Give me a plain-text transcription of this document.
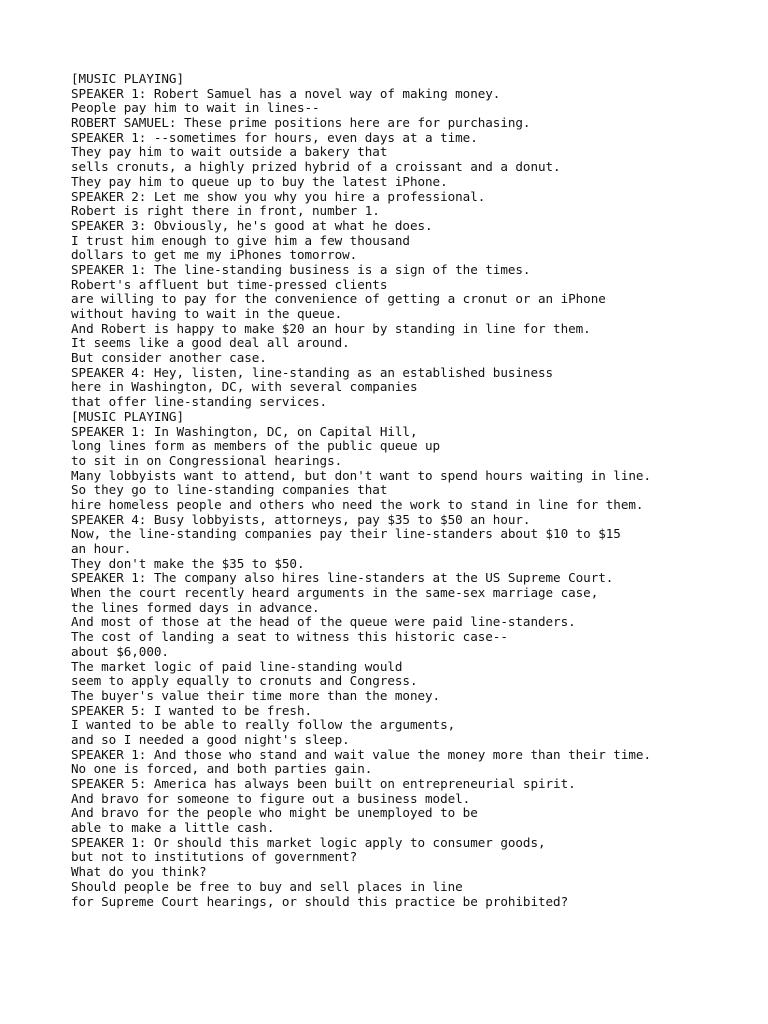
[MUSIC PLAYING]
SPEAKER 1: Robert Samuel has a novel way of making money.
People pay him to wait in lines--
ROBERT SAMUEL: These prime positions here are for purchasing.
SPEAKER 1: --sometimes for hours, even days at a time.
They pay him to wait outside a bakery that
sells cronuts, a highly prized hybrid of a croissant and a donut.
They pay him to queue up to buy the latest iPhone.
SPEAKER 2: Let me show you why you hire a professional.
Robert is right there in front, number 1.
SPEAKER 3: Obviously, he's good at what he does.
I trust him enough to give him a few thousand
dollars to get me my iPhones tomorrow.
SPEAKER 1: The line-standing business is a sign of the times.
Robert's affluent but time-pressed clients
are willing to pay for the convenience of getting a cronut or an iPhone
without having to wait in the queue.
And Robert is happy to make $20 an hour by standing in line for them.
It seems like a good deal all around.
But consider another case.
SPEAKER 4: Hey, listen, line-standing as an established business
here in Washington, DC, with several companies
that offer line-standing services.
[MUSIC PLAYING]
SPEAKER 1: In Washington, DC, on Capital Hill,
long lines form as members of the public queue up
to sit in on Congressional hearings.
Many lobbyists want to attend, but don't want to spend hours waiting in line.
So they go to line-standing companies that
hire homeless people and others who need the work to stand in line for them.
SPEAKER 4: Busy lobbyists, attorneys, pay $35 to $50 an hour.
Now, the line-standing companies pay their line-standers about $10 to $15
an hour.
They don't make the $35 to $50.
SPEAKER 1: The company also hires line-standers at the US Supreme Court.
When the court recently heard arguments in the same-sex marriage case,
the lines formed days in advance.
And most of those at the head of the queue were paid line-standers.
The cost of landing a seat to witness this historic case--
about $6,000.
The market logic of paid line-standing would
seem to apply equally to cronuts and Congress.
The buyer's value their time more than the money.
SPEAKER 5: I wanted to be fresh.
I wanted to be able to really follow the arguments,
and so I needed a good night's sleep.
SPEAKER 1: And those who stand and wait value the money more than their time.
No one is forced, and both parties gain.
SPEAKER 5: America has always been built on entrepreneurial spirit.
And bravo for someone to figure out a business model.
And bravo for the people who might be unemployed to be
able to make a little cash.
SPEAKER 1: Or should this market logic apply to consumer goods,
but not to institutions of government?
What do you think?
Should people be free to buy and sell places in line
for Supreme Court hearings, or should this practice be prohibited?
